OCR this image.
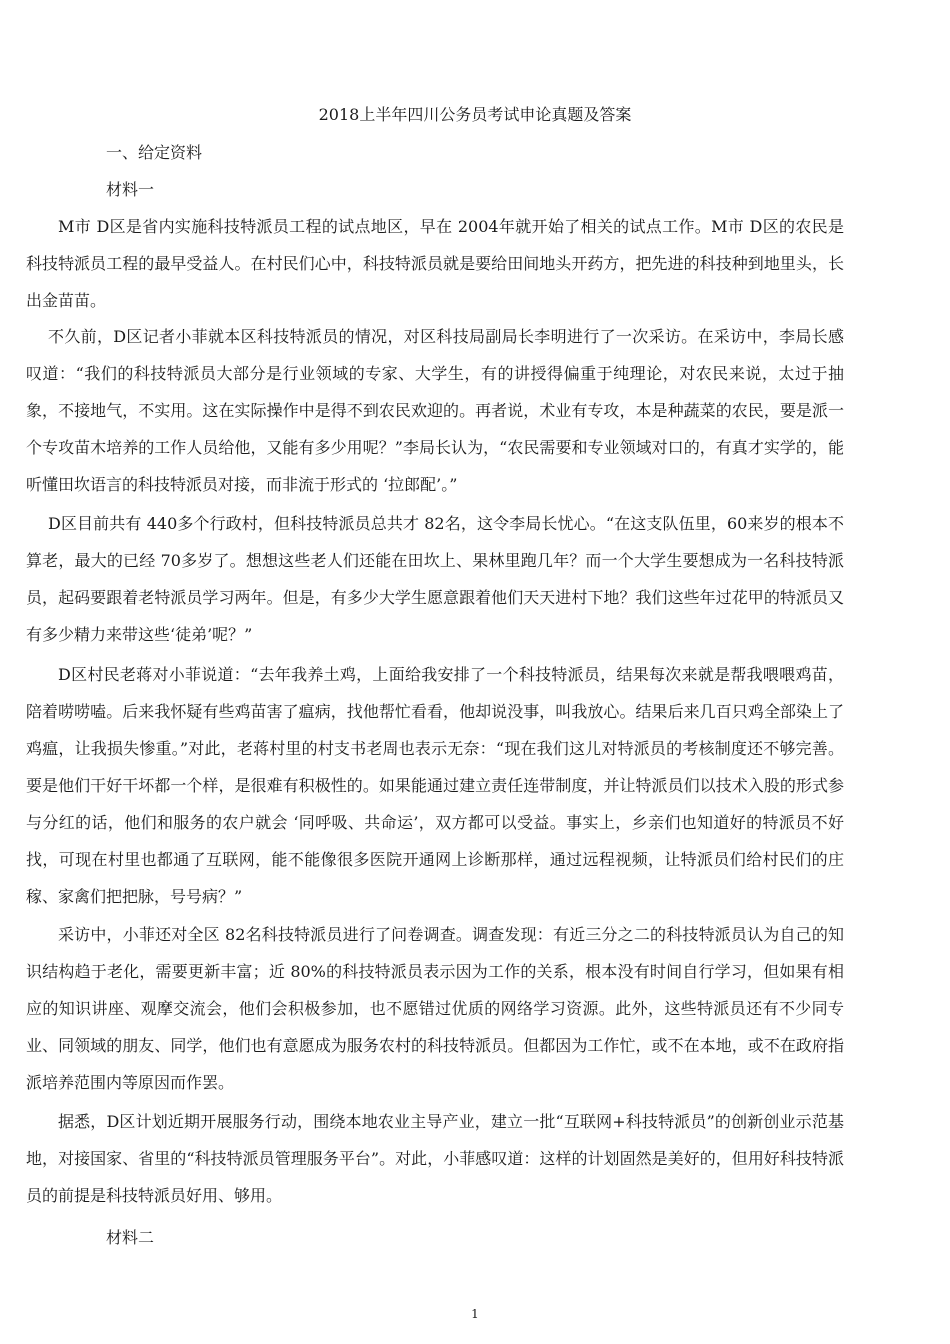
2018上半年四川公务员考试申论真题及答案
一、给定资料
材料一

M市 D区是省内实施科技特派员工程的试点地区，早在 2004年就开始了相关的试点工作。M市 D区的农民是科技特派员工程的最早受益人。在村民们心中，科技特派员就是要给田间地头开药方，把先进的科技种到地里头，长出金苗苗。

不久前，D区记者小菲就本区科技特派员的情况，对区科技局副局长李明进行了一次采访。在采访中，李局长感叹道：“我们的科技特派员大部分是行业领域的专家、大学生，有的讲授得偏重于纯理论，对农民来说，太过于抽象，不接地气，不实用。这在实际操作中是得不到农民欢迎的。再者说，术业有专攻，本是种蔬菜的农民，要是派一个专攻苗木培养的工作人员给他，又能有多少用呢？”李局长认为，“农民需要和专业领域对口的，有真才实学的，能听懂田坎语言的科技特派员对接，而非流于形式的 ‘拉郎配’。”

D区目前共有 440多个行政村，但科技特派员总共才 82名，这令李局长忧心。“在这支队伍里，60来岁的根本不算老，最大的已经 70多岁了。想想这些老人们还能在田坎上、果林里跑几年？而一个大学生要想成为一名科技特派员，起码要跟着老特派员学习两年。但是，有多少大学生愿意跟着他们天天进村下地？我们这些年过花甲的特派员又有多少精力来带这些‘徒弟’呢？”

D区村民老蒋对小菲说道：“去年我养土鸡，上面给我安排了一个科技特派员，结果每次来就是帮我喂喂鸡苗，陪着唠唠嗑。后来我怀疑有些鸡苗害了瘟病，找他帮忙看看，他却说没事，叫我放心。结果后来几百只鸡全部染上了鸡瘟，让我损失惨重。”对此，老蒋村里的村支书老周也表示无奈：“现在我们这儿对特派员的考核制度还不够完善。要是他们干好干坏都一个样，是很难有积极性的。如果能通过建立责任连带制度，并让特派员们以技术入股的形式参与分红的话，他们和服务的农户就会 ‘同呼吸、共命运’，双方都可以受益。事实上，乡亲们也知道好的特派员不好找，可现在村里也都通了互联网，能不能像很多医院开通网上诊断那样，通过远程视频，让特派员们给村民们的庄稼、家禽们把把脉，号号病？”

采访中，小菲还对全区 82名科技特派员进行了问卷调查。调查发现：有近三分之二的科技特派员认为自己的知识结构趋于老化，需要更新丰富；近 80%的科技特派员表示因为工作的关系，根本没有时间自行学习，但如果有相应的知识讲座、观摩交流会，他们会积极参加，也不愿错过优质的网络学习资源。此外，这些特派员还有不少同专业、同领域的朋友、同学，他们也有意愿成为服务农村的科技特派员。但都因为工作忙，或不在本地，或不在政府指派培养范围内等原因而作罢。

据悉，D区计划近期开展服务行动，围绕本地农业主导产业，建立一批“互联网+科技特派员”的创新创业示范基地，对接国家、省里的“科技特派员管理服务平台”。对此，小菲感叹道：这样的计划固然是美好的，但用好科技特派员的前提是科技特派员好用、够用。

材料二
1
